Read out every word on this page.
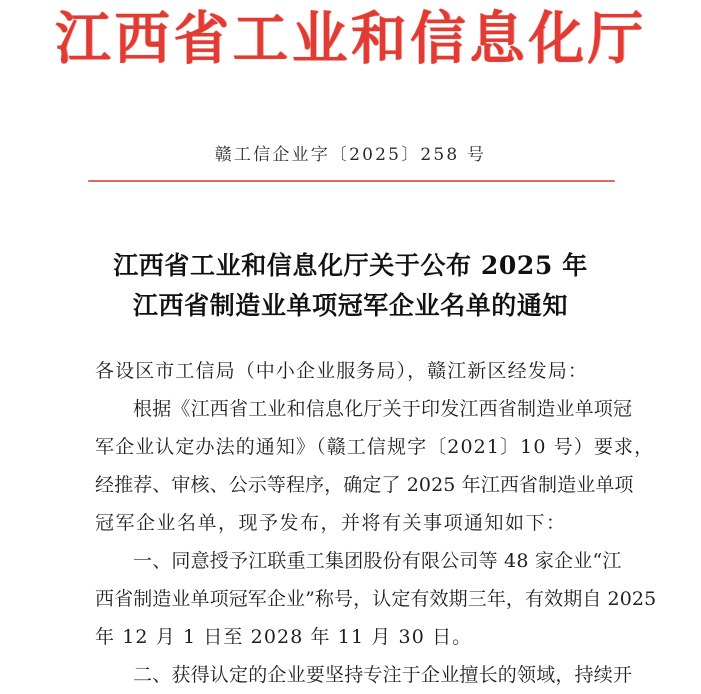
江西省工业和信息化厅
赣工信企业字〔2025〕258 号
江西省工业和信息化厅关于公布 2025 年
江西省制造业单项冠军企业名单的通知
各设区市工信局（中小企业服务局），赣江新区经发局：
根据《江西省工业和信息化厅关于印发江西省制造业单项冠
军企业认定办法的通知》（赣工信规字〔2021〕10 号）要求，
经推荐、审核、公示等程序，确定了 2025 年江西省制造业单项
冠军企业名单，现予发布，并将有关事项通知如下：
一、同意授予江联重工集团股份有限公司等 48 家企业“江
西省制造业单项冠军企业”称号，认定有效期三年，有效期自 2025
年 12 月 1 日至 2028 年 11 月 30 日。
二、获得认定的企业要坚持专注于企业擅长的领域，持续开
